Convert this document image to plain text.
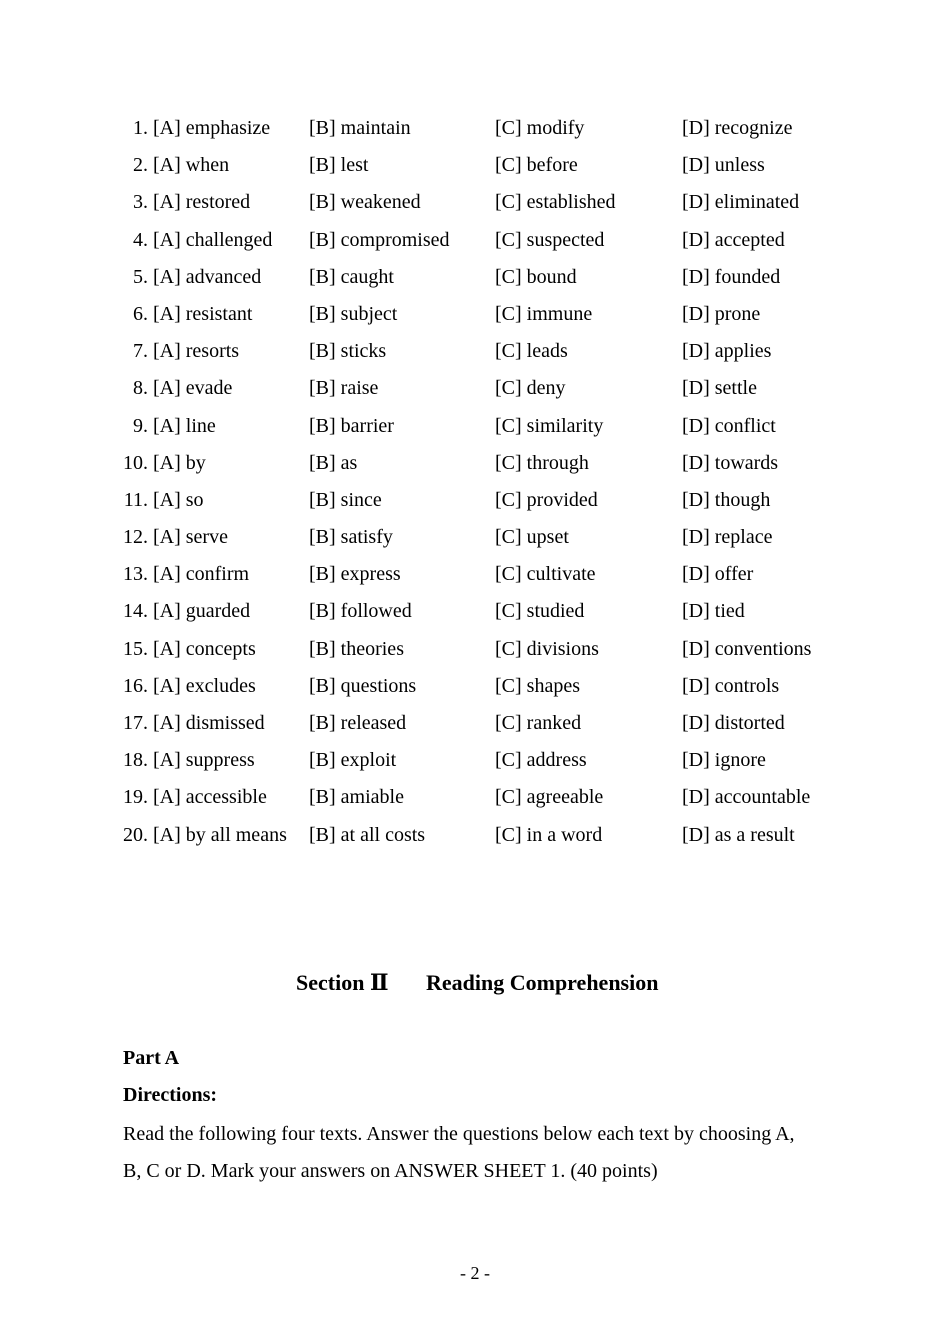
1. [A] emphasize [B] maintain	[C] modify	[D] recognize
2. [A] when	[B] lest	[C] before	[D] unless
3. [A] restored	[B] weakened	[C] established	[D] eliminated
4. [A] challenged [B] compromised [C] suspected	[D] accepted
5. [A] advanced [B] caught	[C] bound	[D] founded
6. [A] resistant	[B] subject	[C] immune	[D] prone
7. [A] resorts	[B] sticks	[C] leads	[D] applies
8. [A] evade	[B] raise	[C] deny	[D] settle
9. [A] line	[B] barrier	[C] similarity	[D] conflict
10. [A] by	[B] as	[C] through	[D] towards
11. [A] so	[B] since	[C] provided	[D] though
12. [A] serve	[B] satisfy	[C] upset	[D] replace
13. [A] confirm	[B] express	[C] cultivate	[D] offer
14. [A] guarded	[B] followed	[C] studied	[D] tied
15. [A] concepts	[B] theories	[C] divisions	[D] conventions
16. [A] excludes	[B] questions	[C] shapes	[D] controls
17. [A] dismissed [B] released	[C] ranked	[D] distorted
18. [A] suppress	[B] exploit	[C] address	[D] ignore
19. [A] accessible [B] amiable	[C] agreeable	[D] accountable
20. [A] by all means [B] at all costs	[C] in a word	[D] as a result
Section Ⅱ Reading Comprehension
Part A
Directions:
Read the following four texts. Answer the questions below each text by choosing A,
B, C or D. Mark your answers on ANSWER SHEET 1. (40 points)
- 2 -
